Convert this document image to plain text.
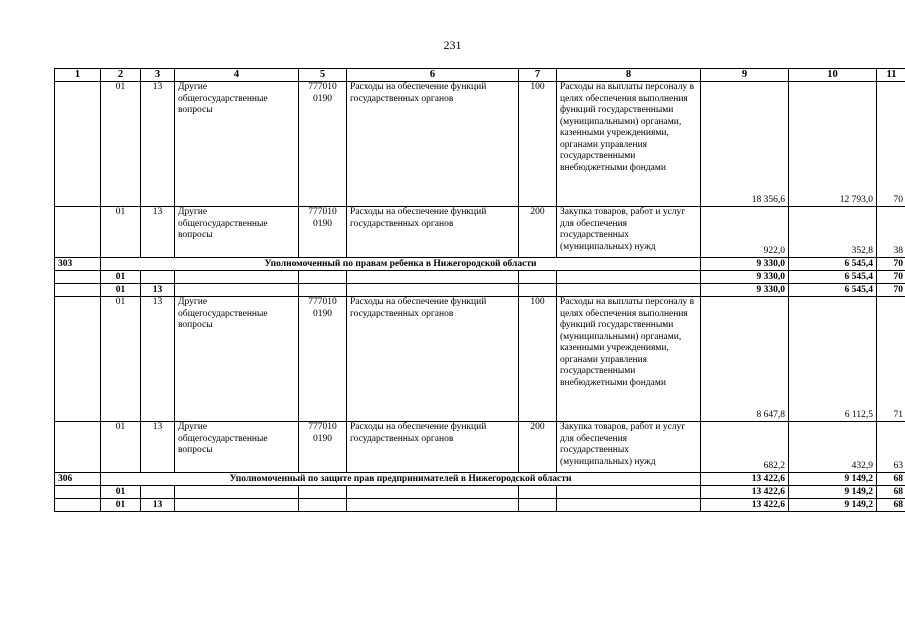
231
1	2	3	4	5	6	7	8	9	10	11
	01	13	Другие общегосударственные вопросы	777010 0190	Расходы на обеспечение функций государственных органов	100	Расходы на выплаты персоналу в целях обеспечения выполнения функций государственными (муниципальными) органами, казенными учреждениями, органами управления государственными внебюджетными фондами	18 356,6	12 793,0	70
	01	13	Другие общегосударственные вопросы	777010 0190	Расходы на обеспечение функций государственных органов	200	Закупка товаров, работ и услуг для обеспечения государственных (муниципальных) нужд	922,0	352,8	38
303	Уполномоченный по правам ребенка в Нижегородской области							9 330,0	6 545,4	70
	01							9 330,0	6 545,4	70
	01	13						9 330,0	6 545,4	70
	01	13	Другие общегосударственные вопросы	777010 0190	Расходы на обеспечение функций государственных органов	100	Расходы на выплаты персоналу в целях обеспечения выполнения функций государственными (муниципальными) органами, казенными учреждениями, органами управления государственными внебюджетными фондами	8 647,8	6 112,5	71
	01	13	Другие общегосударственные вопросы	777010 0190	Расходы на обеспечение функций государственных органов	200	Закупка товаров, работ и услуг для обеспечения государственных (муниципальных) нужд	682,2	432,9	63
306	Уполномоченный по защите прав предпринимателей в Нижегородской области							13 422,6	9 149,2	68
	01							13 422,6	9 149,2	68
	01	13						13 422,6	9 149,2	68
